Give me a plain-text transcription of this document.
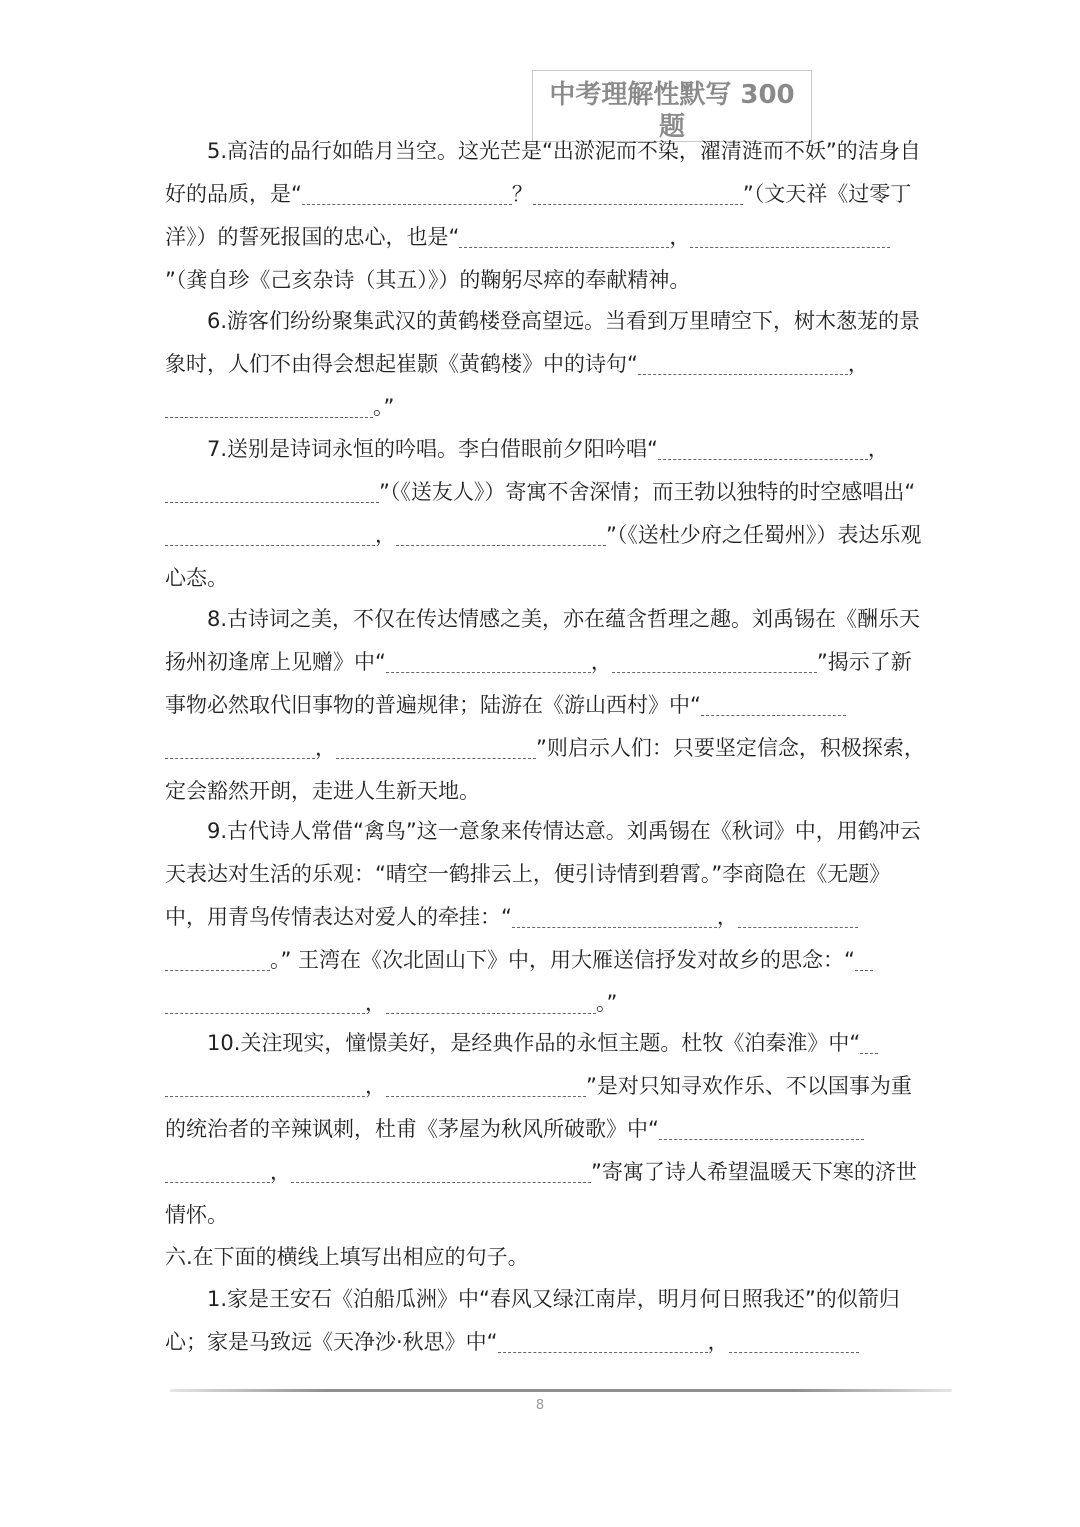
中考理解性默写 300
题

5.高洁的品行如皓月当空。这光芒是“出淤泥而不染，濯清涟而不妖”的洁身自好的品质，是“	？	”（文天祥《过零丁洋》）的誓死报国的忠心，也是“	，”（龚自珍《己亥杂诗（其五）》）的鞠躬尽瘁的奉献精神。

6.游客们纷纷聚集武汉的黄鹤楼登高望远。当看到万里晴空下，树木葱茏的景象时，人们不由得会想起崔颢《黄鹤楼》中的诗句“	，。”

7.送别是诗词永恒的吟唱。李白借眼前夕阳吟唱“	，”（《送友人》）寄寓不舍深情；而王勃以独特的时空感唱出“，	”（《送杜少府之任蜀州》）表达乐观心态。

8.古诗词之美，不仅在传达情感之美，亦在蕴含哲理之趣。刘禹锡在《酬乐天扬州初逢席上见赠》中“	，	”揭示了新事物必然取代旧事物的普遍规律；陆游在《游山西村》中“，	”则启示人们：只要坚定信念，积极探索，定会豁然开朗，走进人生新天地。

9.古代诗人常借“禽鸟”这一意象来传情达意。刘禹锡在《秋词》中，用鹤冲云天表达对生活的乐观：“晴空一鹤排云上，便引诗情到碧霄。”李商隐在《无题》中，用青鸟传情表达对爱人的牵挂：“	，。” 王湾在《次北固山下》中，用大雁送信抒发对故乡的思念：“，	。”

10.关注现实，憧憬美好，是经典作品的永恒主题。杜牧《泊秦淮》中“，	”是对只知寻欢作乐、不以国事为重的统治者的辛辣讽刺，杜甫《茅屋为秋风所破歌》中“，	”寄寓了诗人希望温暖天下寒的济世情怀。

六.在下面的横线上填写出相应的句子。

1.家是王安石《泊船瓜洲》中“春风又绿江南岸，明月何日照我还”的似箭归心；家是马致远《天净沙·秋思》中“	，

8
